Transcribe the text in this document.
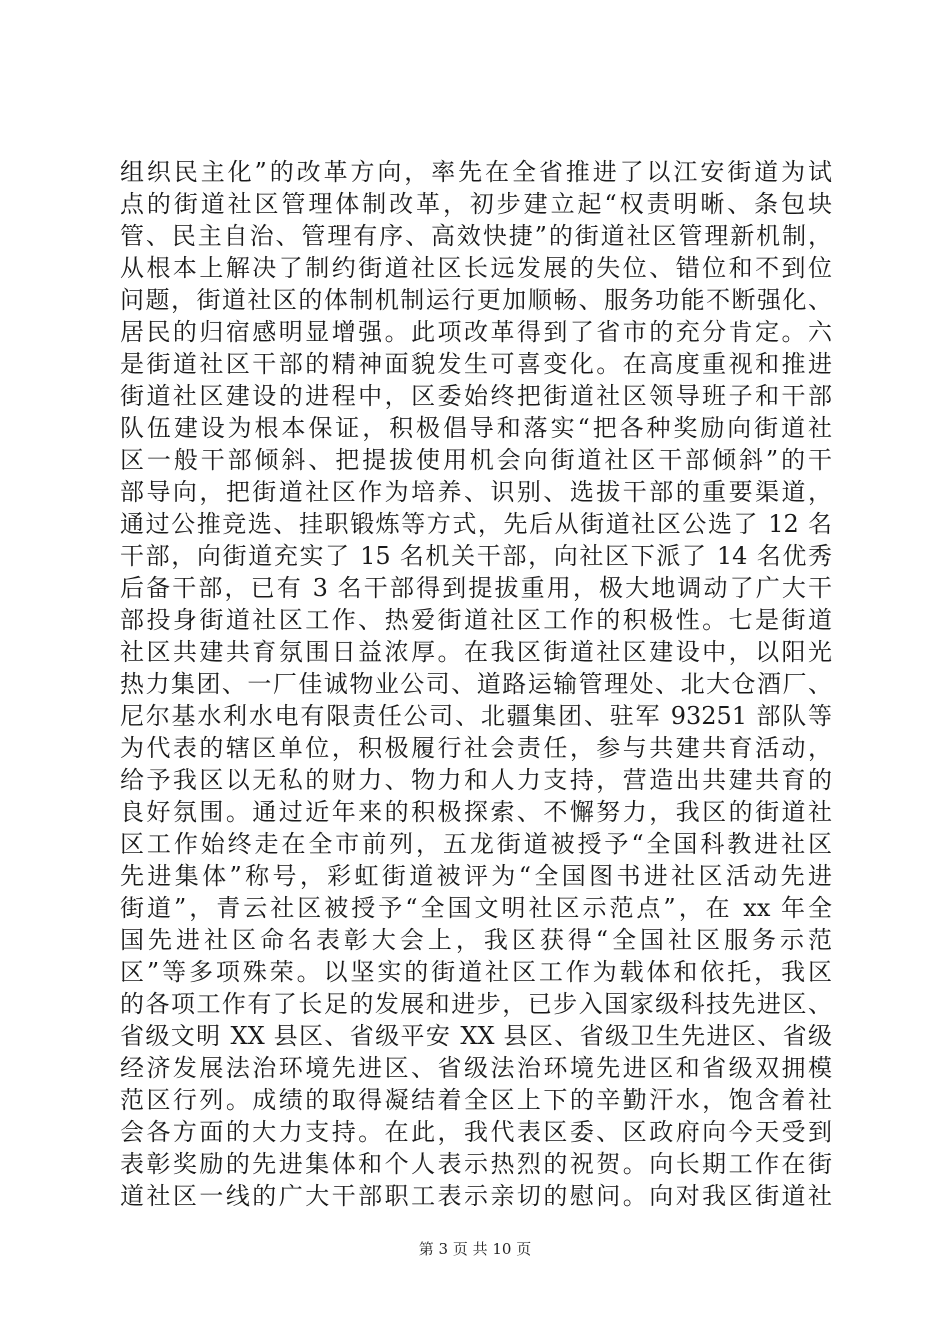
组织民主化”的改革方向，率先在全省推进了以江安街道为试
点的街道社区管理体制改革，初步建立起“权责明晰、条包块
管、民主自治、管理有序、高效快捷”的街道社区管理新机制，
从根本上解决了制约街道社区长远发展的失位、错位和不到位
问题，街道社区的体制机制运行更加顺畅、服务功能不断强化、
居民的归宿感明显增强。此项改革得到了省市的充分肯定。六
是街道社区干部的精神面貌发生可喜变化。在高度重视和推进
街道社区建设的进程中，区委始终把街道社区领导班子和干部
队伍建设为根本保证，积极倡导和落实“把各种奖励向街道社
区一般干部倾斜、把提拔使用机会向街道社区干部倾斜”的干
部导向，把街道社区作为培养、识别、选拔干部的重要渠道，
通过公推竞选、挂职锻炼等方式，先后从街道社区公选了 12 名
干部，向街道充实了 15 名机关干部，向社区下派了 14 名优秀
后备干部，已有 3 名干部得到提拔重用，极大地调动了广大干
部投身街道社区工作、热爱街道社区工作的积极性。七是街道
社区共建共育氛围日益浓厚。在我区街道社区建设中，以阳光
热力集团、一厂佳诚物业公司、道路运输管理处、北大仓酒厂、
尼尔基水利水电有限责任公司、北疆集团、驻军 93251 部队等
为代表的辖区单位，积极履行社会责任，参与共建共育活动，
给予我区以无私的财力、物力和人力支持，营造出共建共育的
良好氛围。通过近年来的积极探索、不懈努力，我区的街道社
区工作始终走在全市前列，五龙街道被授予“全国科教进社区
先进集体”称号，彩虹街道被评为“全国图书进社区活动先进
街道”，青云社区被授予“全国文明社区示范点”，在 xx 年全
国先进社区命名表彰大会上，我区获得“全国社区服务示范
区”等多项殊荣。以坚实的街道社区工作为载体和依托，我区
的各项工作有了长足的发展和进步，已步入国家级科技先进区、
省级文明 XX 县区、省级平安 XX 县区、省级卫生先进区、省级
经济发展法治环境先进区、省级法治环境先进区和省级双拥模
范区行列。成绩的取得凝结着全区上下的辛勤汗水，饱含着社
会各方面的大力支持。在此，我代表区委、区政府向今天受到
表彰奖励的先进集体和个人表示热烈的祝贺。向长期工作在街
道社区一线的广大干部职工表示亲切的慰问。向对我区街道社
第 3 页 共 10 页
